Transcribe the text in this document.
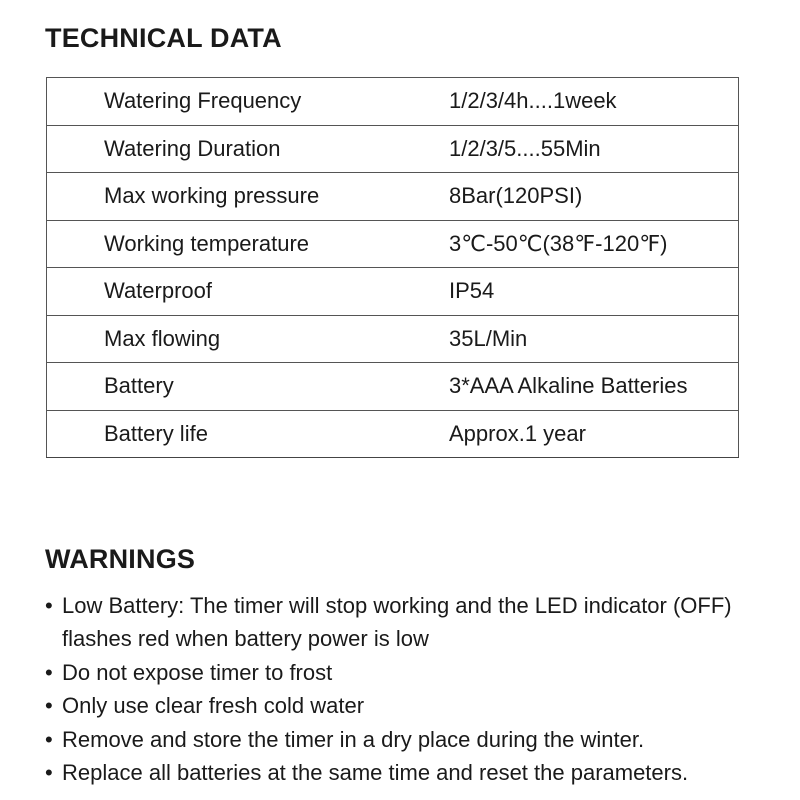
TECHNICAL DATA
Watering Frequency	1/2/3/4h....1week
Watering Duration	1/2/3/5....55Min
Max working pressure	8Bar(120PSI)
Working temperature	3℃-50℃(38℉-120℉)
Waterproof	IP54
Max flowing	35L/Min
Battery	3*AAA Alkaline Batteries
Battery life	Approx.1 year
WARNINGS
• Low Battery: The timer will stop working and the LED indicator (OFF) flashes red when battery power is low
• Do not expose timer to frost
• Only use clear fresh cold water
• Remove and store the timer in a dry place during the winter.
• Replace all batteries at the same time and reset the parameters.
